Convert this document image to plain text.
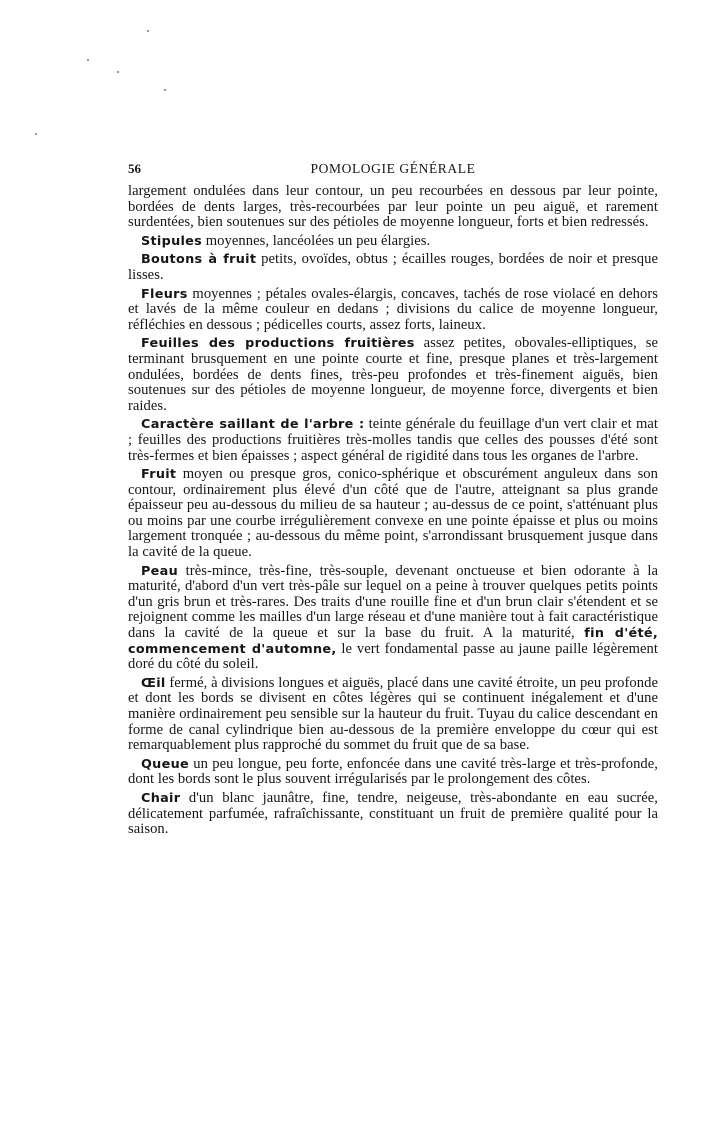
56	POMOLOGIE GÉNÉRALE

largement ondulées dans leur contour, un peu recourbées en dessous par leur pointe, bordées de dents larges, très-recourbées par leur pointe un peu aiguë, et rarement surdentées, bien soutenues sur des pétioles de moyenne longueur, forts et bien redressés.

Stipules moyennes, lancéolées un peu élargies.

Boutons à fruit petits, ovoïdes, obtus ; écailles rouges, bordées de noir et presque lisses.

Fleurs moyennes ; pétales ovales-élargis, concaves, tachés de rose violacé en dehors et lavés de la même couleur en dedans ; divisions du calice de moyenne longueur, réfléchies en dessous ; pédicelles courts, assez forts, laineux.

Feuilles des productions fruitières assez petites, obovales-elliptiques, se terminant brusquement en une pointe courte et fine, presque planes et très-largement ondulées, bordées de dents fines, très-peu profondes et très-finement aiguës, bien soutenues sur des pétioles de moyenne longueur, de moyenne force, divergents et bien raides.

Caractère saillant de l'arbre : teinte générale du feuillage d'un vert clair et mat ; feuilles des productions fruitières très-molles tandis que celles des pousses d'été sont très-fermes et bien épaisses ; aspect général de rigidité dans tous les organes de l'arbre.

Fruit moyen ou presque gros, conico-sphérique et obscurément anguleux dans son contour, ordinairement plus élevé d'un côté que de l'autre, atteignant sa plus grande épaisseur peu au-dessous du milieu de sa hauteur ; au-dessus de ce point, s'atténuant plus ou moins par une courbe irrégulièrement convexe en une pointe épaisse et plus ou moins largement tronquée ; au-dessous du même point, s'arrondissant brusquement jusque dans la cavité de la queue.

Peau très-mince, très-fine, très-souple, devenant onctueuse et bien odorante à la maturité, d'abord d'un vert très-pâle sur lequel on a peine à trouver quelques petits points d'un gris brun et très-rares. Des traits d'une rouille fine et d'un brun clair s'étendent et se rejoignent comme les mailles d'un large réseau et d'une manière tout à fait caractéristique dans la cavité de la queue et sur la base du fruit. A la maturité, fin d'été, commencement d'automne, le vert fondamental passe au jaune paille légèrement doré du côté du soleil.

Œil fermé, à divisions longues et aiguës, placé dans une cavité étroite, un peu profonde et dont les bords se divisent en côtes légères qui se continuent inégalement et d'une manière ordinairement peu sensible sur la hauteur du fruit. Tuyau du calice descendant en forme de canal cylindrique bien au-dessous de la première enveloppe du cœur qui est remarquablement plus rapproché du sommet du fruit que de sa base.

Queue un peu longue, peu forte, enfoncée dans une cavité très-large et très-profonde, dont les bords sont le plus souvent irrégularisés par le prolongement des côtes.

Chair d'un blanc jaunâtre, fine, tendre, neigeuse, très-abondante en eau sucrée, délicatement parfumée, rafraîchissante, constituant un fruit de première qualité pour la saison.
